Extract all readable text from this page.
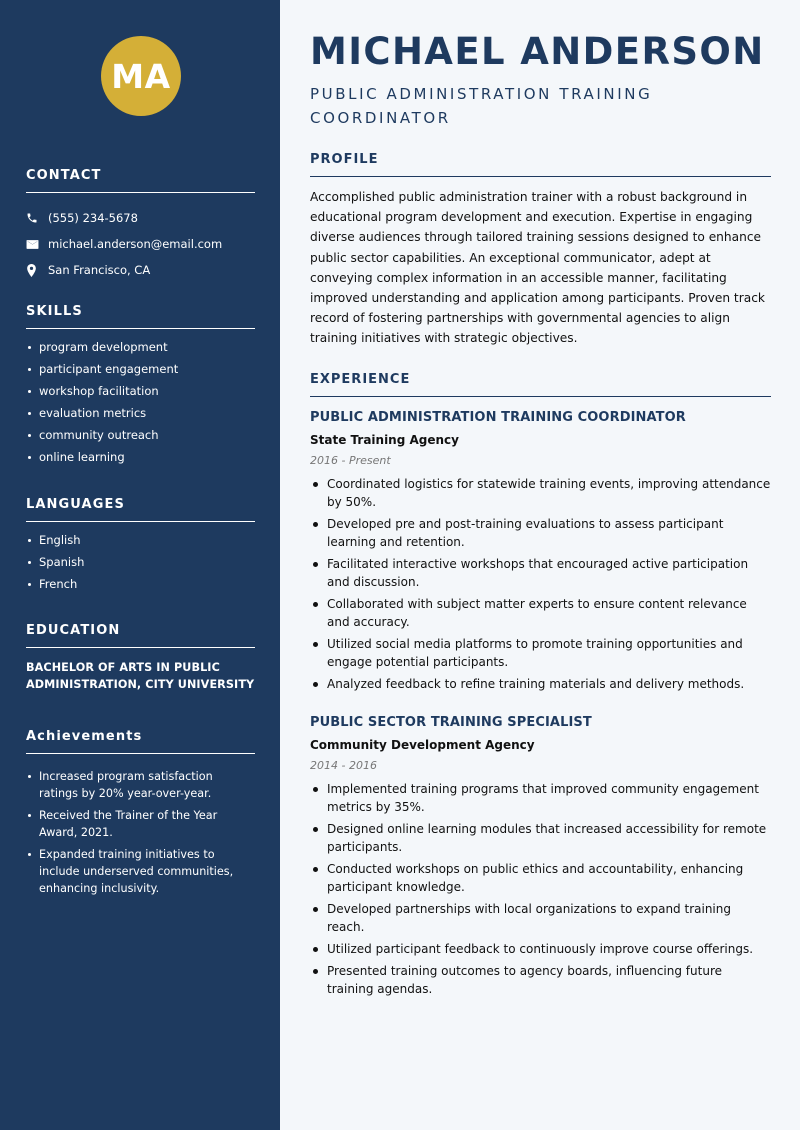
MA
CONTACT
(555) 234-5678
michael.anderson@email.com
San Francisco, CA
SKILLS
program development
participant engagement
workshop facilitation
evaluation metrics
community outreach
online learning
LANGUAGES
English
Spanish
French
EDUCATION
BACHELOR OF ARTS IN PUBLIC ADMINISTRATION, CITY UNIVERSITY
Achievements
Increased program satisfaction ratings by 20% year-over-year.
Received the Trainer of the Year Award, 2021.
Expanded training initiatives to include underserved communities, enhancing inclusivity.
MICHAEL ANDERSON
PUBLIC ADMINISTRATION TRAINING COORDINATOR
PROFILE
Accomplished public administration trainer with a robust background in educational program development and execution. Expertise in engaging diverse audiences through tailored training sessions designed to enhance public sector capabilities. An exceptional communicator, adept at conveying complex information in an accessible manner, facilitating improved understanding and application among participants. Proven track record of fostering partnerships with governmental agencies to align training initiatives with strategic objectives.
EXPERIENCE
PUBLIC ADMINISTRATION TRAINING COORDINATOR
State Training Agency
2016 - Present
Coordinated logistics for statewide training events, improving attendance by 50%.
Developed pre and post-training evaluations to assess participant learning and retention.
Facilitated interactive workshops that encouraged active participation and discussion.
Collaborated with subject matter experts to ensure content relevance and accuracy.
Utilized social media platforms to promote training opportunities and engage potential participants.
Analyzed feedback to refine training materials and delivery methods.
PUBLIC SECTOR TRAINING SPECIALIST
Community Development Agency
2014 - 2016
Implemented training programs that improved community engagement metrics by 35%.
Designed online learning modules that increased accessibility for remote participants.
Conducted workshops on public ethics and accountability, enhancing participant knowledge.
Developed partnerships with local organizations to expand training reach.
Utilized participant feedback to continuously improve course offerings.
Presented training outcomes to agency boards, influencing future training agendas.
